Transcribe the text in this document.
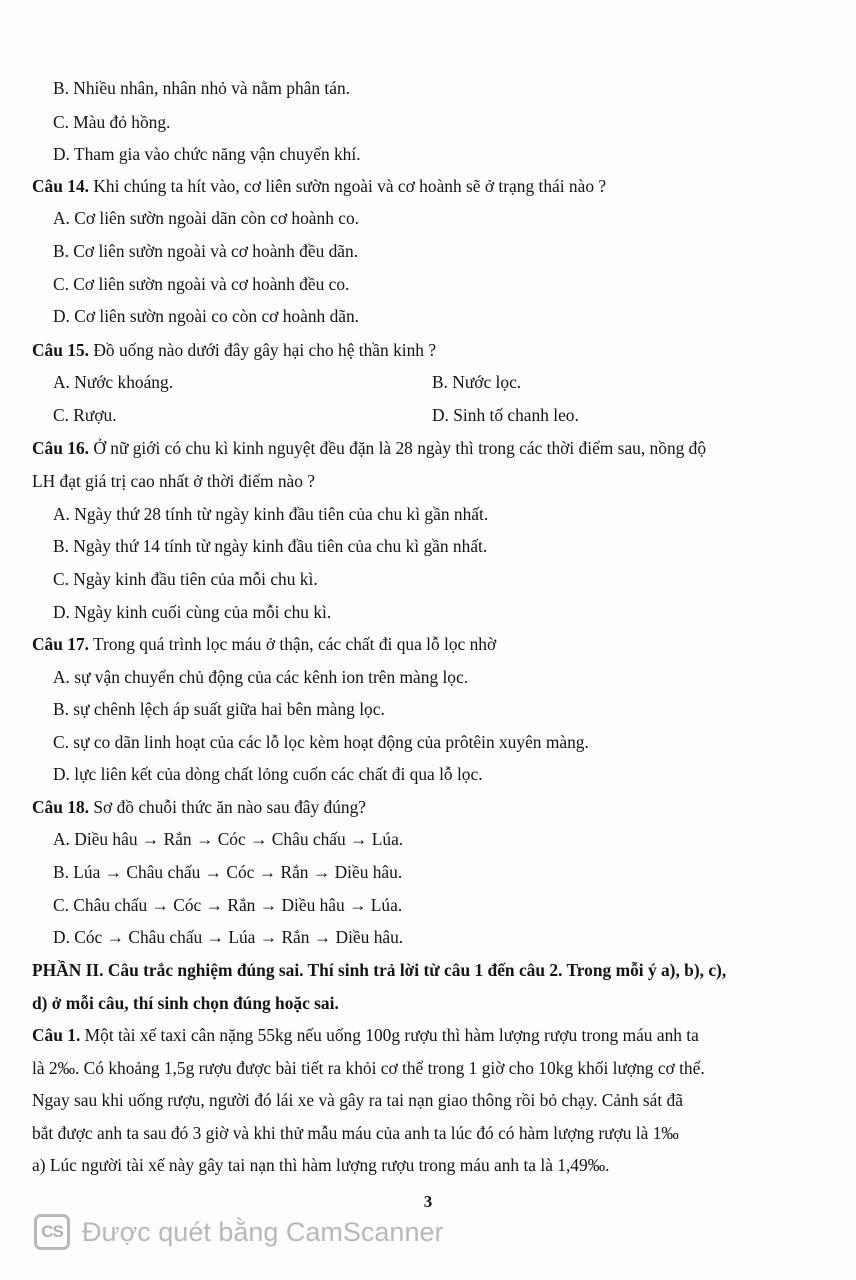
B. Nhiều nhân, nhân nhỏ và nằm phân tán.
C. Màu đỏ hồng.
D. Tham gia vào chức năng vận chuyển khí.
Câu 14. Khi chúng ta hít vào, cơ liên sườn ngoài và cơ hoành sẽ ở trạng thái nào ?
A. Cơ liên sườn ngoài dãn còn cơ hoành co.
B. Cơ liên sườn ngoài và cơ hoành đều dãn.
C. Cơ liên sườn ngoài và cơ hoành đều co.
D. Cơ liên sườn ngoài co còn cơ hoành dãn.
Câu 15. Đồ uống nào dưới đây gây hại cho hệ thần kinh ?
A. Nước khoáng.	B. Nước lọc.
C. Rượu.	D. Sinh tố chanh leo.
Câu 16. Ở nữ giới có chu kì kinh nguyệt đều đặn là 28 ngày thì trong các thời điểm sau, nồng độ
LH đạt giá trị cao nhất ở thời điểm nào ?
A. Ngày thứ 28 tính từ ngày kinh đầu tiên của chu kì gần nhất.
B. Ngày thứ 14 tính từ ngày kinh đầu tiên của chu kì gần nhất.
C. Ngày kinh đầu tiên của mỗi chu kì.
D. Ngày kinh cuối cùng của mỗi chu kì.
Câu 17. Trong quá trình lọc máu ở thận, các chất đi qua lỗ lọc nhờ
A. sự vận chuyển chủ động của các kênh ion trên màng lọc.
B. sự chênh lệch áp suất giữa hai bên màng lọc.
C. sự co dãn linh hoạt của các lỗ lọc kèm hoạt động của prôtêin xuyên màng.
D. lực liên kết của dòng chất lỏng cuốn các chất đi qua lỗ lọc.
Câu 18. Sơ đồ chuỗi thức ăn nào sau đây đúng?
A. Diều hâu → Rắn → Cóc → Châu chấu → Lúa.
B. Lúa → Châu chấu → Cóc → Rắn → Diều hâu.
C. Châu chấu → Cóc → Rắn → Diều hâu → Lúa.
D. Cóc → Châu chấu → Lúa → Rắn → Diều hâu.
PHẦN II. Câu trắc nghiệm đúng sai. Thí sinh trả lời từ câu 1 đến câu 2. Trong mỗi ý a), b), c),
d) ở mỗi câu, thí sinh chọn đúng hoặc sai.
Câu 1. Một tài xế taxi cân nặng 55kg nếu uống 100g rượu thì hàm lượng rượu trong máu anh ta
là 2‰. Có khoảng 1,5g rượu được bài tiết ra khỏi cơ thể trong 1 giờ cho 10kg khối lượng cơ thể.
Ngay sau khi uống rượu, người đó lái xe và gây ra tai nạn giao thông rồi bỏ chạy. Cảnh sát đã
bắt được anh ta sau đó 3 giờ và khi thử mẫu máu của anh ta lúc đó có hàm lượng rượu là 1‰
a) Lúc người tài xế này gây tai nạn thì hàm lượng rượu trong máu anh ta là 1,49‰.
3
CS Được quét bằng CamScanner
